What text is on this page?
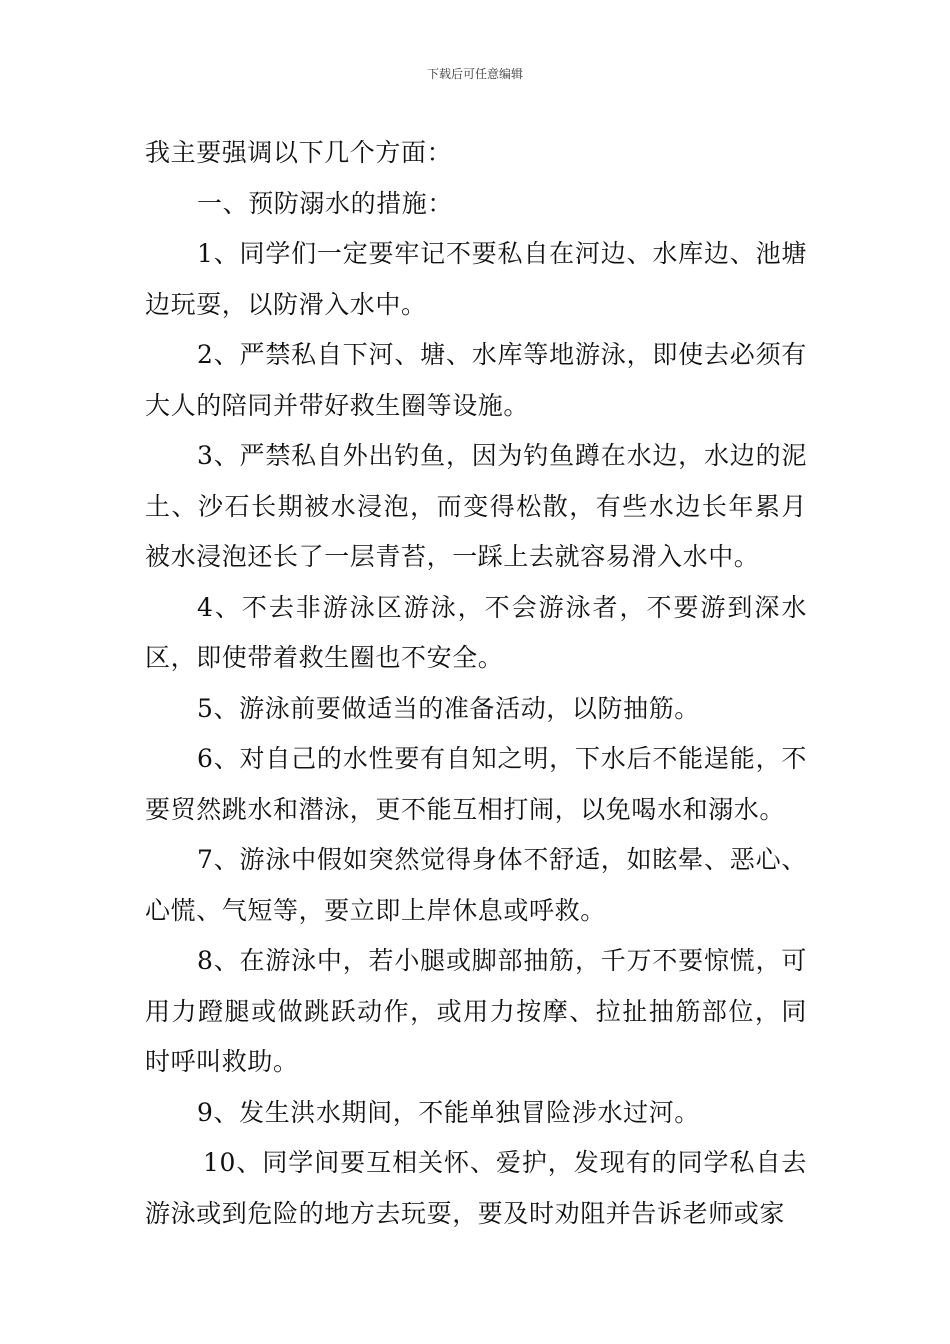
下载后可任意编辑

我主要强调以下几个方面：

一、预防溺水的措施：

1、同学们一定要牢记不要私自在河边、水库边、池塘边玩耍，以防滑入水中。

2、严禁私自下河、塘、水库等地游泳，即使去必须有大人的陪同并带好救生圈等设施。

3、严禁私自外出钓鱼，因为钓鱼蹲在水边，水边的泥土、沙石长期被水浸泡，而变得松散，有些水边长年累月被水浸泡还长了一层青苔，一踩上去就容易滑入水中。

4、不去非游泳区游泳，不会游泳者，不要游到深水区，即使带着救生圈也不安全。

5、游泳前要做适当的准备活动，以防抽筋。

6、对自己的水性要有自知之明，下水后不能逞能，不要贸然跳水和潜泳，更不能互相打闹，以免喝水和溺水。

7、游泳中假如突然觉得身体不舒适，如眩晕、恶心、心慌、气短等，要立即上岸休息或呼救。

8、在游泳中，若小腿或脚部抽筋，千万不要惊慌，可用力蹬腿或做跳跃动作，或用力按摩、拉扯抽筋部位，同时呼叫救助。

9、发生洪水期间，不能单独冒险涉水过河。

10、同学间要互相关怀、爱护，发现有的同学私自去游泳或到危险的地方去玩耍，要及时劝阻并告诉老师或家
